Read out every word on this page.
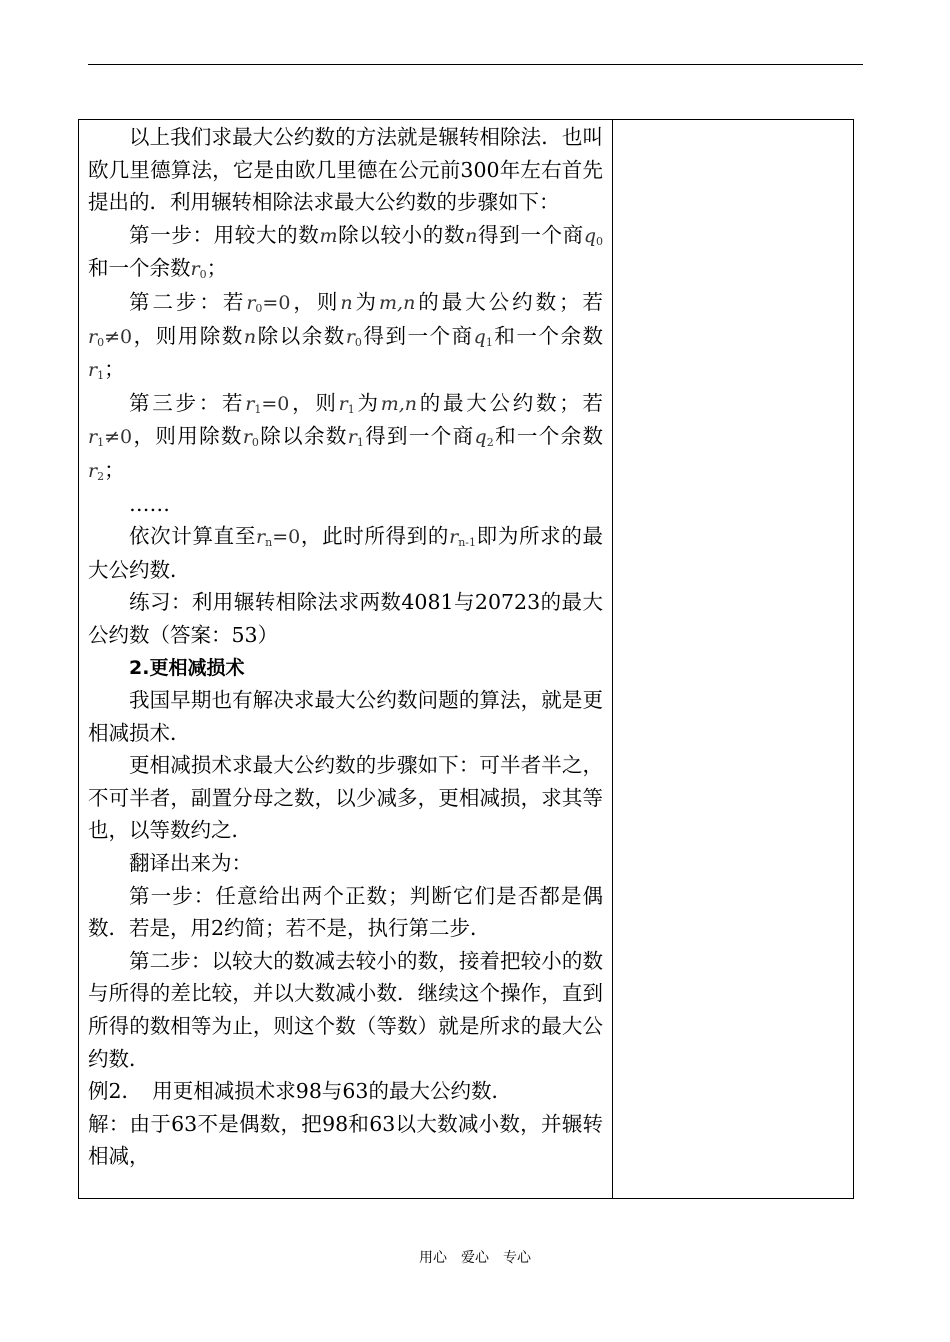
以上我们求最大公约数的方法就是辗转相除法．也叫欧几里德算法，它是由欧几里德在公元前300年左右首先提出的．利用辗转相除法求最大公约数的步骤如下：

第一步：用较大的数m除以较小的数n得到一个商$q_0$和一个余数$r_0$；

第二步：若$r_0=0$，则n为m,n的最大公约数；若$r_0\ne 0$，则用除数n除以余数$r_0$得到一个商$q_1$和一个余数$r_1$；

第三步：若$r_1=0$，则$r_1$为m,n的最大公约数；若$r_1\ne 0$，则用除数$r_0$除以余数$r_1$得到一个商$q_2$和一个余数$r_2$；

……

依次计算直至$r_n=0$，此时所得到的$r_{n-1}$即为所求的最大公约数．

练习：利用辗转相除法求两数4081与20723的最大公约数（答案：53）

2.更相减损术

我国早期也有解决求最大公约数问题的算法，就是更相减损术．

更相减损术求最大公约数的步骤如下：可半者半之，不可半者，副置分母之数，以少减多，更相减损，求其等也，以等数约之．

翻译出来为：

第一步：任意给出两个正数；判断它们是否都是偶数．若是，用2约简；若不是，执行第二步．

第二步：以较大的数减去较小的数，接着把较小的数与所得的差比较，并以大数减小数．继续这个操作，直到所得的数相等为止，则这个数（等数）就是所求的最大公约数．

例2．　用更相减损术求98与63的最大公约数．

解：由于63不是偶数，把98和63以大数减小数，并辗转相减，

用心　爱心　专心
